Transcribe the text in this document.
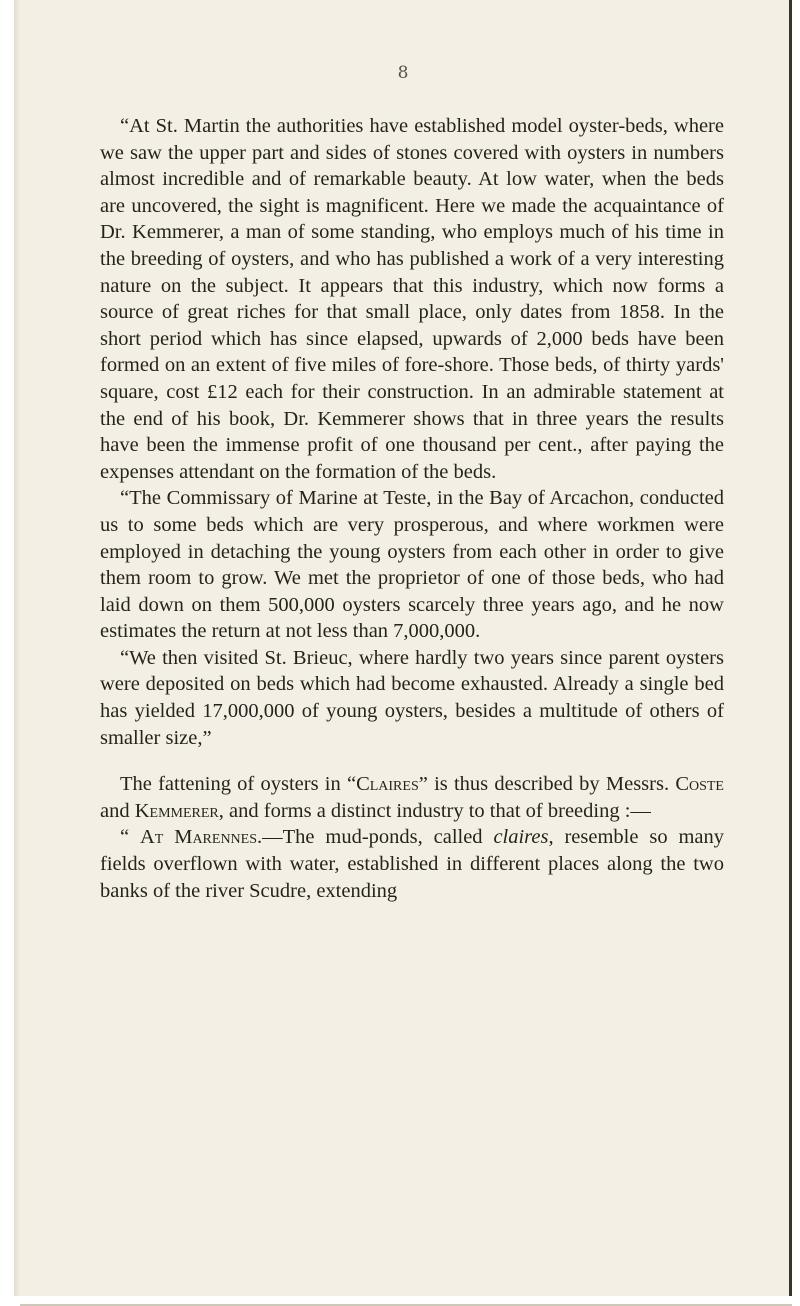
8

“At St. Martin the authorities have established model oyster-beds, where we saw the upper part and sides of stones covered with oysters in numbers almost incredible and of remarkable beauty. At low water, when the beds are uncovered, the sight is magnificent. Here we made the acquaintance of Dr. Kemmerer, a man of some standing, who employs much of his time in the breeding of oysters, and who has published a work of a very interesting nature on the subject. It appears that this industry, which now forms a source of great riches for that small place, only dates from 1858. In the short period which has since elapsed, upwards of 2,000 beds have been formed on an extent of five miles of fore-shore. Those beds, of thirty yards' square, cost £12 each for their construction. In an admirable statement at the end of his book, Dr. Kemmerer shows that in three years the results have been the immense profit of one thousand per cent., after paying the expenses attendant on the formation of the beds.

“The Commissary of Marine at Teste, in the Bay of Arcachon, conducted us to some beds which are very prosperous, and where workmen were employed in detaching the young oysters from each other in order to give them room to grow. We met the proprietor of one of those beds, who had laid down on them 500,000 oysters scarcely three years ago, and he now estimates the return at not less than 7,000,000.

“We then visited St. Brieuc, where hardly two years since parent oysters were deposited on beds which had become exhausted. Already a single bed has yielded 17,000,000 of young oysters, besides a multitude of others of smaller size,”

The fattening of oysters in “Claires” is thus described by Messrs. Coste and Kemmerer, and forms a distinct industry to that of breeding :—

“ At Marennes.—The mud-ponds, called claires, resemble so many fields overflown with water, established in different places along the two banks of the river Scudre, extending
